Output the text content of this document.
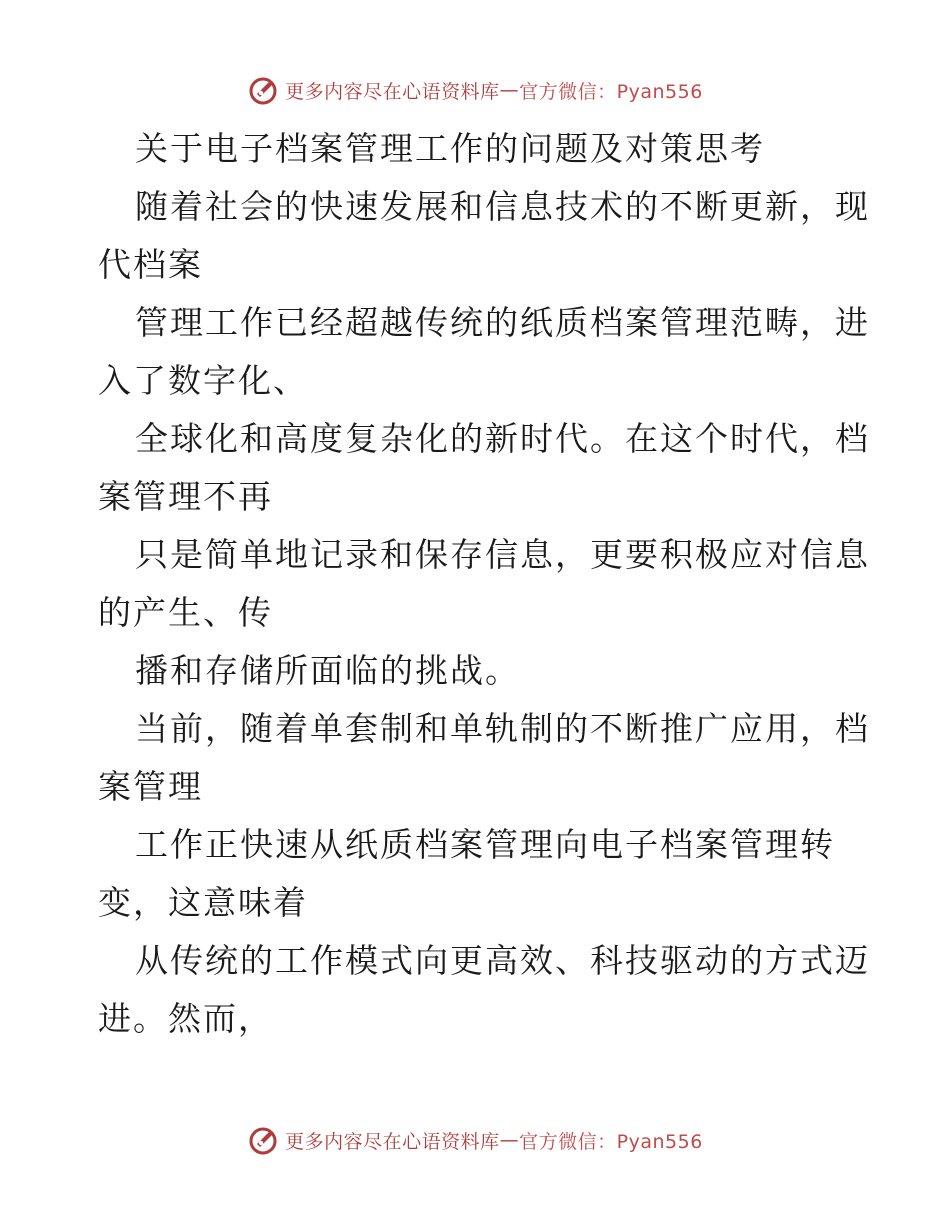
更多内容尽在心语资料库 — 官方微信：Pyan556
关于电子档案管理工作的问题及对策思考
随着社会的快速发展和信息技术的不断更新，现
代档案
管理工作已经超越传统的纸质档案管理范畴，进
入了数字化、
全球化和高度复杂化的新时代。在这个时代，档
案管理不再
只是简单地记录和保存信息，更要积极应对信息
的产生、传
播和存储所面临的挑战。
当前，随着单套制和单轨制的不断推广应用，档
案管理
工作正快速从纸质档案管理向电子档案管理转
变，这意味着
从传统的工作模式向更高效、科技驱动的方式迈
进。然而，
更多内容尽在心语资料库 — 官方微信：Pyan556
